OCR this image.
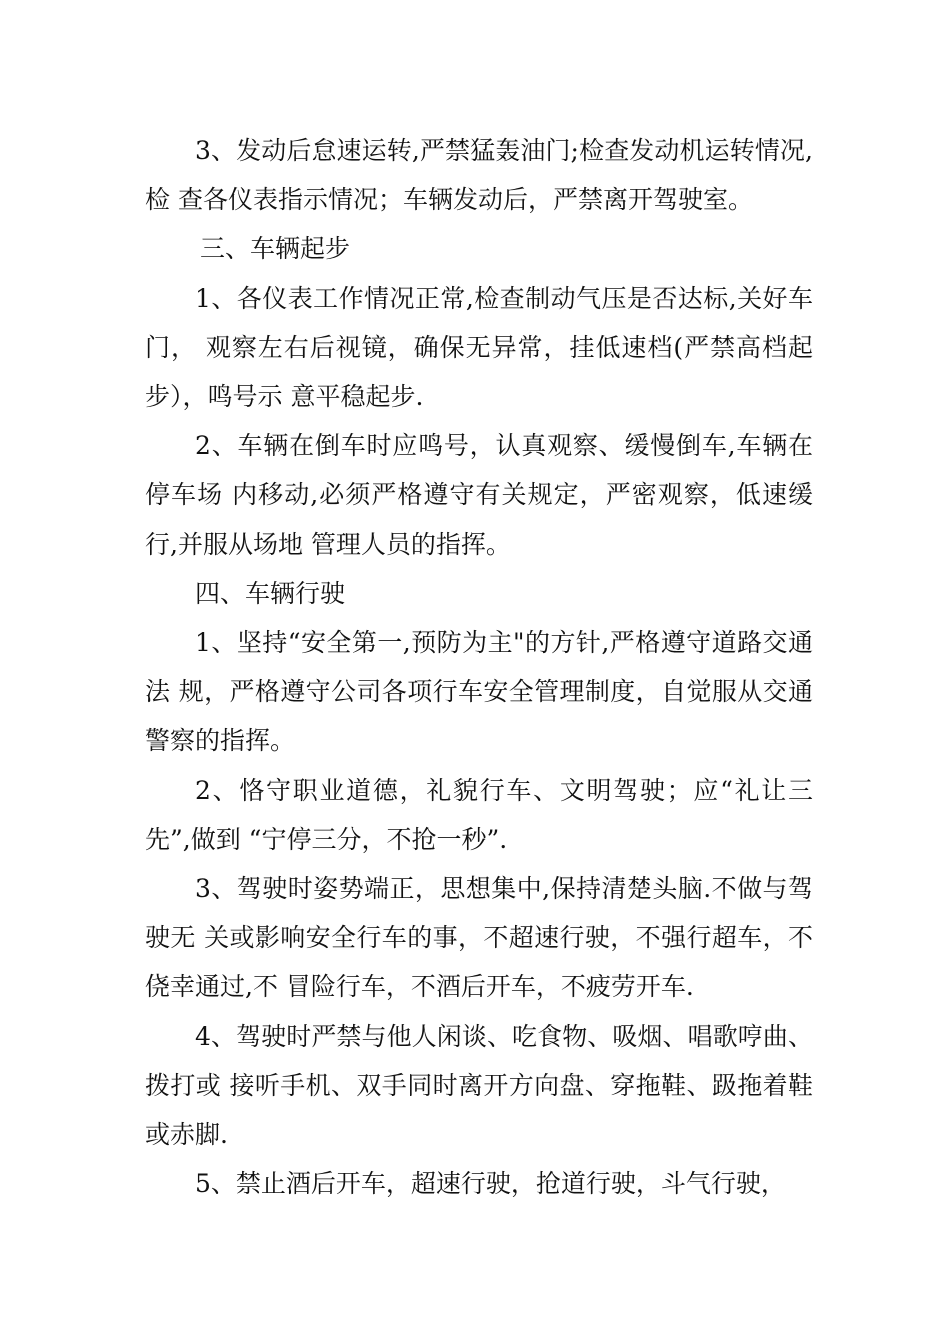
3、发动后怠速运转,严禁猛轰油门;检查发动机运转情况,检 查各仪表指示情况；车辆发动后，严禁离开驾驶室。

三、车辆起步

1、各仪表工作情况正常,检查制动气压是否达标,关好车门， 观察左右后视镜，确保无异常，挂低速档(严禁高档起步），鸣号示 意平稳起步.

2、车辆在倒车时应鸣号，认真观察、缓慢倒车,车辆在停车场 内移动,必须严格遵守有关规定，严密观察，低速缓行,并服从场地 管理人员的指挥。

四、车辆行驶

1、坚持“安全第一,预防为主"的方针,严格遵守道路交通法 规，严格遵守公司各项行车安全管理制度，自觉服从交通警察的指挥。

2、恪守职业道德，礼貌行车、文明驾驶；应“礼让三先”,做到 “宁停三分，不抢一秒”.

3、驾驶时姿势端正，思想集中,保持清楚头脑.不做与驾驶无 关或影响安全行车的事，不超速行驶，不强行超车，不侥幸通过,不 冒险行车，不酒后开车，不疲劳开车.

4、驾驶时严禁与他人闲谈、吃食物、吸烟、唱歌哼曲、拨打或 接听手机、双手同时离开方向盘、穿拖鞋、趿拖着鞋或赤脚.

5、禁止酒后开车，超速行驶，抢道行驶，斗气行驶，
